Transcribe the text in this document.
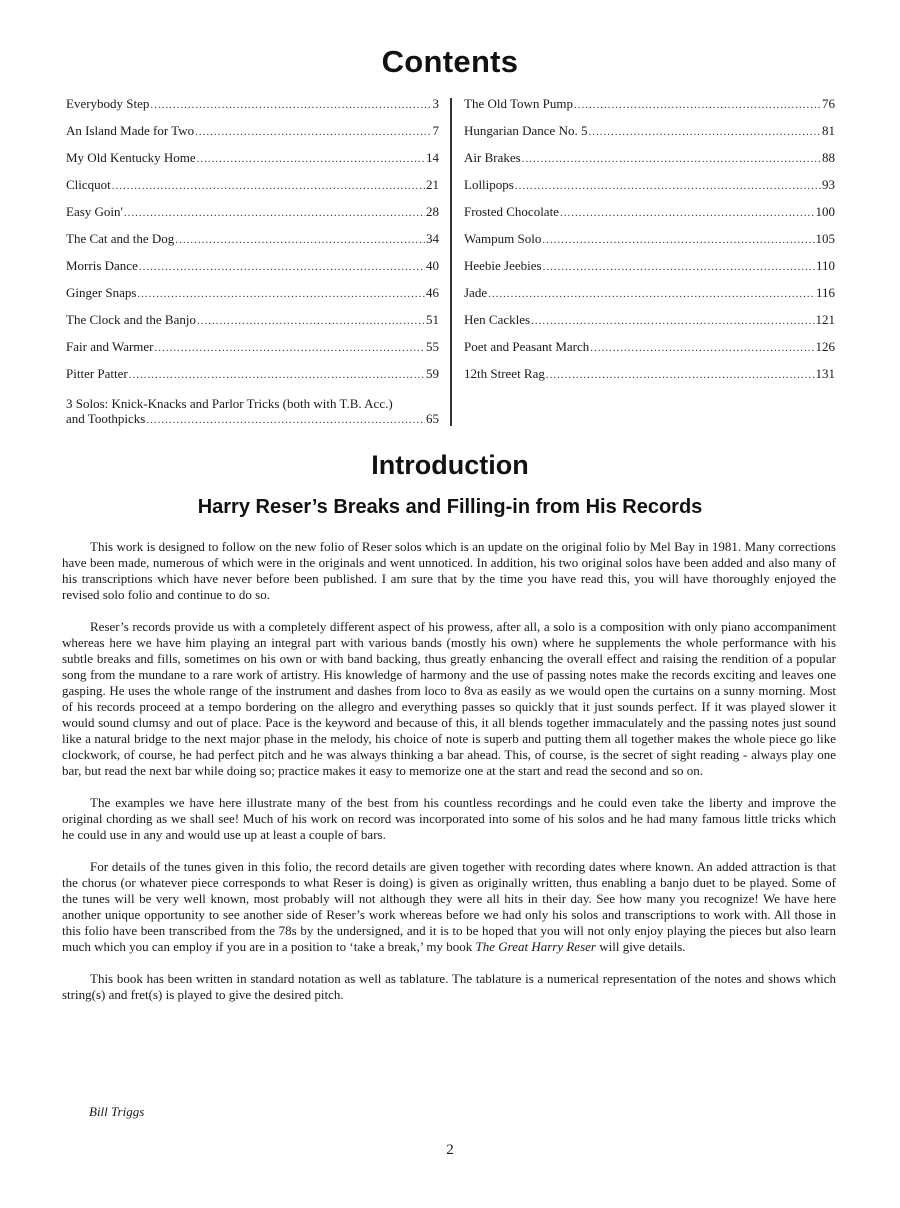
Contents
Everybody Step .....	3
An Island Made for Two .....	7
My Old Kentucky Home .....	14
Clicquot .....	21
Easy Goin' .....	28
The Cat and the Dog .....	34
Morris Dance .....	40
Ginger Snaps .....	46
The Clock and the Banjo .....	51
Fair and Warmer .....	55
Pitter Patter .....	59
3 Solos: Knick-Knacks and Parlor Tricks (both with T.B. Acc.)
and Toothpicks .....	65
The Old Town Pump .....	76
Hungarian Dance No. 5 .....	81
Air Brakes .....	88
Lollipops .....	93
Frosted Chocolate .....	100
Wampum Solo .....	105
Heebie Jeebies .....	110
Jade .....	116
Hen Cackles .....	121
Poet and Peasant March .....	126
12th Street Rag .....	131
Introduction
Harry Reser’s Breaks and Filling-in from His Records

This work is designed to follow on the new folio of Reser solos which is an update on the original folio by Mel Bay in 1981. Many corrections have been made, numerous of which were in the originals and went unnoticed. In addition, his two original solos have been added and also many of his transcriptions which have never before been published. I am sure that by the time you have read this, you will have thoroughly enjoyed the revised solo folio and continue to do so.

Reser’s records provide us with a completely different aspect of his prowess, after all, a solo is a composition with only piano accompaniment whereas here we have him playing an integral part with various bands (mostly his own) where he supplements the whole performance with his subtle breaks and fills, sometimes on his own or with band backing, thus greatly enhancing the overall effect and raising the rendition of a popular song from the mundane to a rare work of artistry. His knowledge of harmony and the use of passing notes make the records exciting and leaves one gasping. He uses the whole range of the instrument and dashes from loco to 8va as easily as we would open the curtains on a sunny morning. Most of his records proceed at a tempo bordering on the allegro and everything passes so quickly that it just sounds perfect. If it was played slower it would sound clumsy and out of place. Pace is the keyword and because of this, it all blends together immaculately and the passing notes just sound like a natural bridge to the next major phase in the melody, his choice of note is superb and putting them all together makes the whole piece go like clockwork, of course, he had perfect pitch and he was always thinking a bar ahead. This, of course, is the secret of sight reading - always play one bar, but read the next bar while doing so; practice makes it easy to memorize one at the start and read the second and so on.

The examples we have here illustrate many of the best from his countless recordings and he could even take the liberty and improve the original chording as we shall see! Much of his work on record was incorporated into some of his solos and he had many famous little tricks which he could use in any and would use up at least a couple of bars.

For details of the tunes given in this folio, the record details are given together with recording dates where known. An added attraction is that the chorus (or whatever piece corresponds to what Reser is doing) is given as originally written, thus enabling a banjo duet to be played. Some of the tunes will be very well known, most probably will not although they were all hits in their day. See how many you recognize! We have here another unique opportunity to see another side of Reser’s work whereas before we had only his solos and transcriptions to work with. All those in this folio have been transcribed from the 78s by the undersigned, and it is to be hoped that you will not only enjoy playing the pieces but also learn much which you can employ if you are in a position to ‘take a break,’ my book The Great Harry Reser will give details.

This book has been written in standard notation as well as tablature. The tablature is a numerical representation of the notes and shows which string(s) and fret(s) is played to give the desired pitch.

Bill Triggs
2
